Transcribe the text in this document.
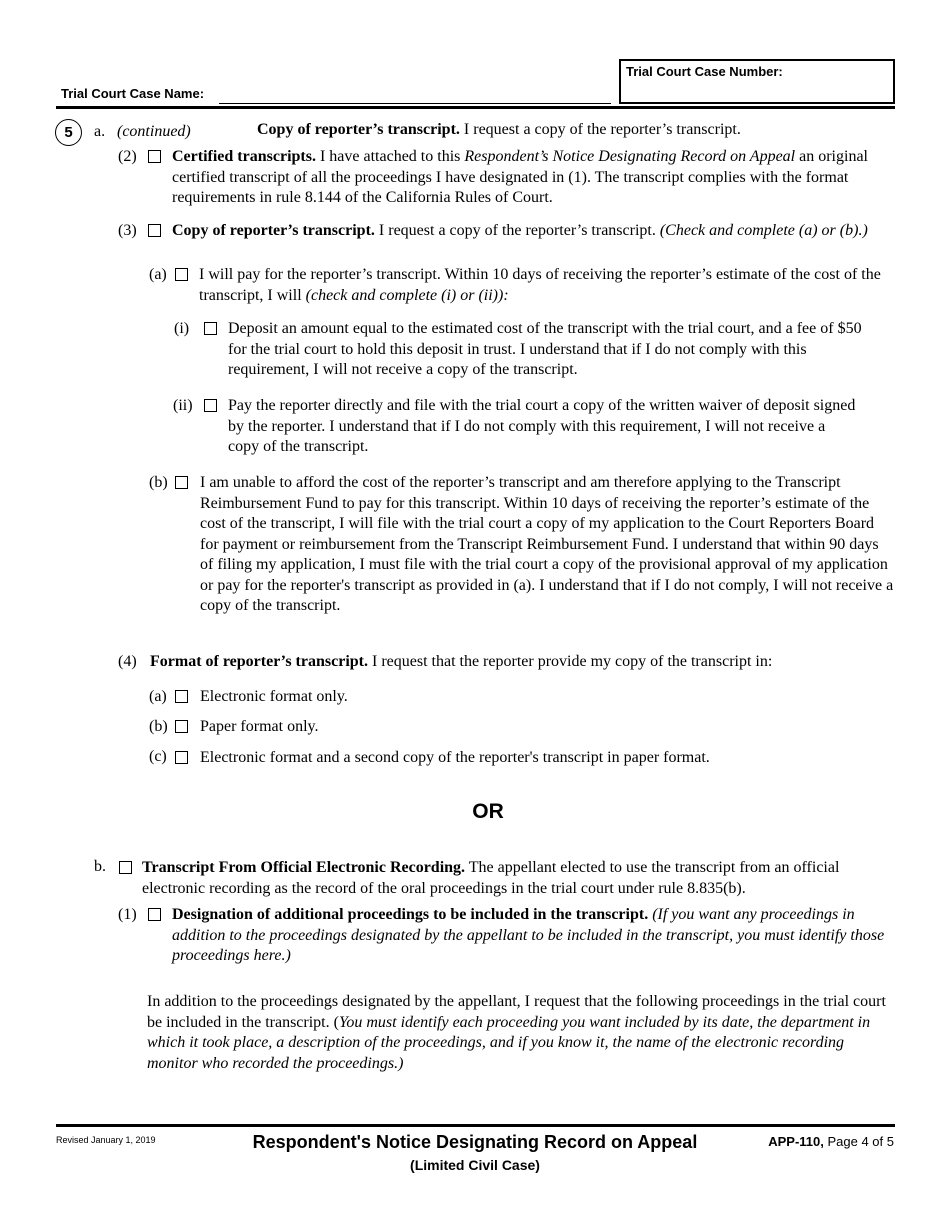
Trial Court Case Name:
Trial Court Case Number:
5	a. (continued)	Copy of reporter’s transcript. I request a copy of the reporter’s transcript.
(2) Certified transcripts. I have attached to this Respondent’s Notice Designating Record on Appeal an original certified transcript of all the proceedings I have designated in (1). The transcript complies with the format requirements in rule 8.144 of the California Rules of Court.
(3) Copy of reporter’s transcript. I request a copy of the reporter’s transcript. (Check and complete (a) or (b).)
(a) I will pay for the reporter’s transcript. Within 10 days of receiving the reporter’s estimate of the cost of the transcript, I will (check and complete (i) or (ii)):
(i) Deposit an amount equal to the estimated cost of the transcript with the trial court, and a fee of $50 for the trial court to hold this deposit in trust. I understand that if I do not comply with this requirement, I will not receive a copy of the transcript.
(ii) Pay the reporter directly and file with the trial court a copy of the written waiver of deposit signed by the reporter. I understand that if I do not comply with this requirement, I will not receive a copy of the transcript.
(b) I am unable to afford the cost of the reporter’s transcript and am therefore applying to the Transcript Reimbursement Fund to pay for this transcript. Within 10 days of receiving the reporter’s estimate of the cost of the transcript, I will file with the trial court a copy of my application to the Court Reporters Board for payment or reimbursement from the Transcript Reimbursement Fund. I understand that within 90 days of filing my application, I must file with the trial court a copy of the provisional approval of my application or pay for the reporter's transcript as provided in (a). I understand that if I do not comply, I will not receive a copy of the transcript.
(4) Format of reporter’s transcript. I request that the reporter provide my copy of the transcript in:
(a) Electronic format only.
(b) Paper format only.
(c) Electronic format and a second copy of the reporter's transcript in paper format.
OR
b. Transcript From Official Electronic Recording. The appellant elected to use the transcript from an official electronic recording as the record of the oral proceedings in the trial court under rule 8.835(b).
(1) Designation of additional proceedings to be included in the transcript. (If you want any proceedings in addition to the proceedings designated by the appellant to be included in the transcript, you must identify those proceedings here.)
In addition to the proceedings designated by the appellant, I request that the following proceedings in the trial court be included in the transcript. (You must identify each proceeding you want included by its date, the department in which it took place, a description of the proceedings, and if you know it, the name of the electronic recording monitor who recorded the proceedings.)
Revised January 1, 2019	Respondent's Notice Designating Record on Appeal
(Limited Civil Case)
APP-110, Page 4 of 5
